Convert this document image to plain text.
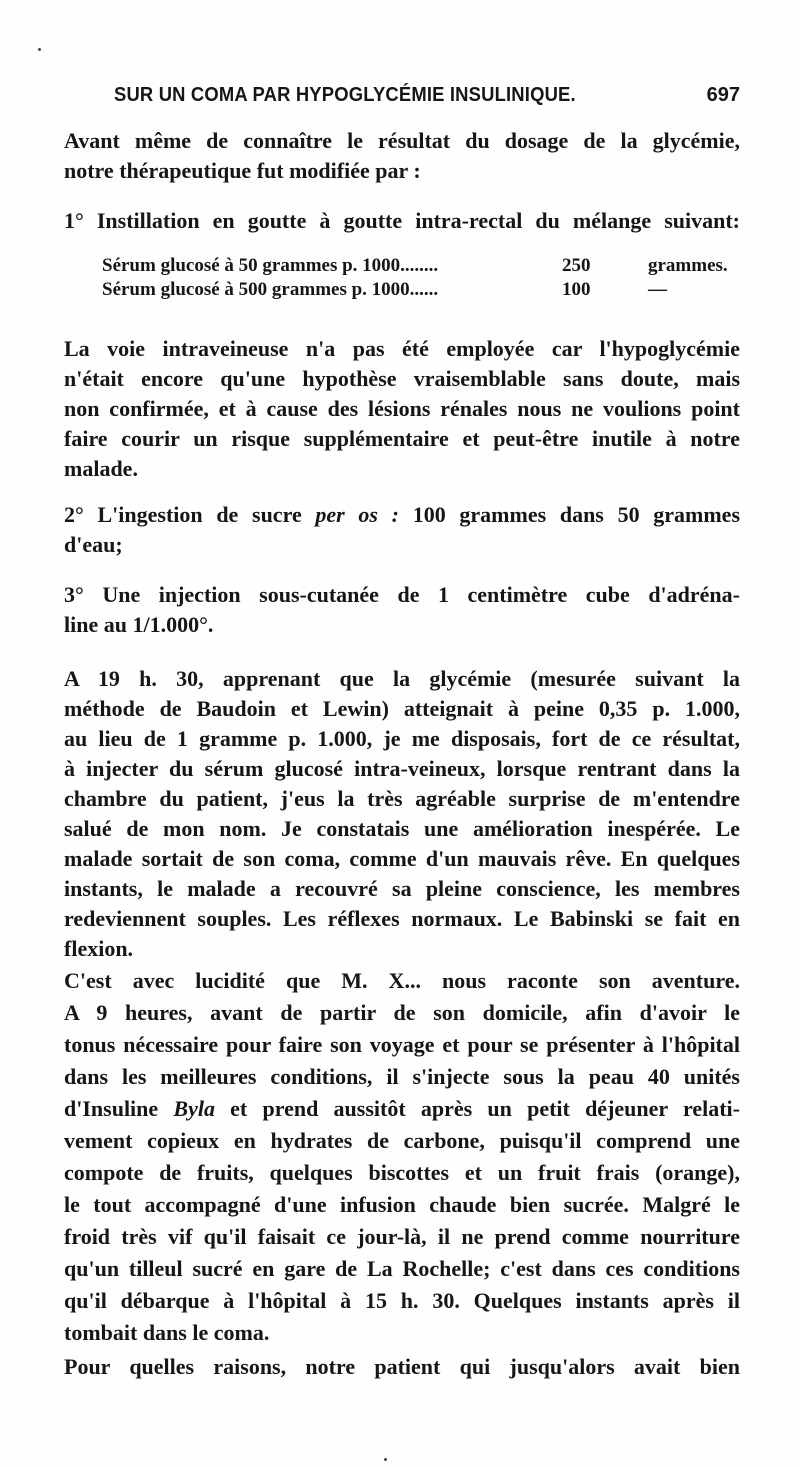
SUR UN COMA PAR HYPOGLYCÉMIE INSULINIQUE.	697
Avant même de connaître le résultat du dosage de la glycémie,
notre thérapeutique fut modifiée par :
1° Instillation en goutte à goutte intra-rectal du mélange suivant:
Sérum glucosé à 50 grammes p. 1000........	250	grammes.
Sérum glucosé à 500 grammes p. 1000......	100	—
La voie intraveineuse n'a pas été employée car l'hypoglycémie
n'était encore qu'une hypothèse vraisemblable sans doute, mais
non confirmée, et à cause des lésions rénales nous ne voulions point
faire courir un risque supplémentaire et peut-être inutile à notre
malade.
2° L'ingestion de sucre per os : 100 grammes dans 50 grammes
d'eau;
3° Une injection sous-cutanée de 1 centimètre cube d'adréna-
line au 1/1.000°.
A 19 h. 30, apprenant que la glycémie (mesurée suivant la
méthode de Baudoin et Lewin) atteignait à peine 0,35 p. 1.000,
au lieu de 1 gramme p. 1.000, je me disposais, fort de ce résultat,
à injecter du sérum glucosé intra-veineux, lorsque rentrant dans la
chambre du patient, j'eus la très agréable surprise de m'entendre
salué de mon nom. Je constatais une amélioration inespérée. Le
malade sortait de son coma, comme d'un mauvais rêve. En quelques
instants, le malade a recouvré sa pleine conscience, les membres
redeviennent souples. Les réflexes normaux. Le Babinski se fait en
flexion.
C'est avec lucidité que M. X... nous raconte son aventure.
A 9 heures, avant de partir de son domicile, afin d'avoir le
tonus nécessaire pour faire son voyage et pour se présenter à l'hôpital
dans les meilleures conditions, il s'injecte sous la peau 40 unités
d'Insuline Byla et prend aussitôt après un petit déjeuner relati-
vement copieux en hydrates de carbone, puisqu'il comprend une
compote de fruits, quelques biscottes et un fruit frais (orange),
le tout accompagné d'une infusion chaude bien sucrée. Malgré le
froid très vif qu'il faisait ce jour-là, il ne prend comme nourriture
qu'un tilleul sucré en gare de La Rochelle; c'est dans ces conditions
qu'il débarque à l'hôpital à 15 h. 30. Quelques instants après il
tombait dans le coma.
Pour quelles raisons, notre patient qui jusqu'alors avait bien
